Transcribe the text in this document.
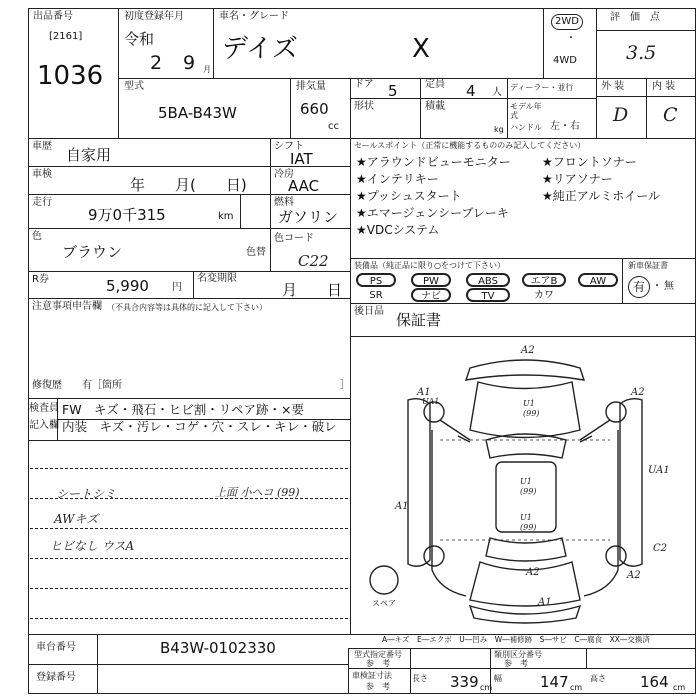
出品番号
[2161]
1036
初度登録年月
令和
2 9 月
車名・グレード
デイズ	X
2WD
・
4WD
評　価　点
3.5
外 装	内 装
D C
型式
5BA-B43W
排気量
660
cc
ドア 5
形状
定員 4 人
積載
kg
ディーラー・並行
モデル年式
ハンドル 左・右
車歴 自家用
車検
年　　月(　　日)
走行
9万0千315	km
色
ブラウン
シフト
IAT
冷房
AAC
燃料
ガソリン
色コード
色替 C22
R券	5,990 円
名変期限
月　　日
セールスポイント（正常に機能するもののみ記入してください）
★アラウンドビューモニター	★フロントソナー
★インテリキー	★リアソナー
★プッシュスタート	★純正アルミホイール
★エマージェンシーブレーキ
★VDCシステム
装備品（純正品に限り○をつけて下さい）
PS	PW	ABS	エアB	AW
SR	ナビ	TV	カワ
新車保証書
有 ・ 無
後日品 保証書
注意事項申告欄 （不具合内容等は具体的に記入して下さい）
修復歴 有［箇所	］
検査員
記入欄
FW　キズ・飛石・ヒビ割・リペア跡・×要
内装　キズ・汚レ・コゲ・穴・スレ・キレ・破レ
シートシミ
AWキズ
ヒビなし ウスA
上面 小ヘコ (99)
A2
U1
(99)
A1	A2
U1
(99)
U1
(99)
UA1
A1
A2
C2
A2
A1
UA1
スペア
A―キズ　E―エクボ　U―凹み　W―補修跡　S―サビ　C―腐食　XX―交換済
車台番号	B43W-0102330
登録番号
型式指定番号
参　考
類別区分番号
参　考
車検証寸法
参　考
長さ 339 cm
幅	147 cm
高さ 164 cm
